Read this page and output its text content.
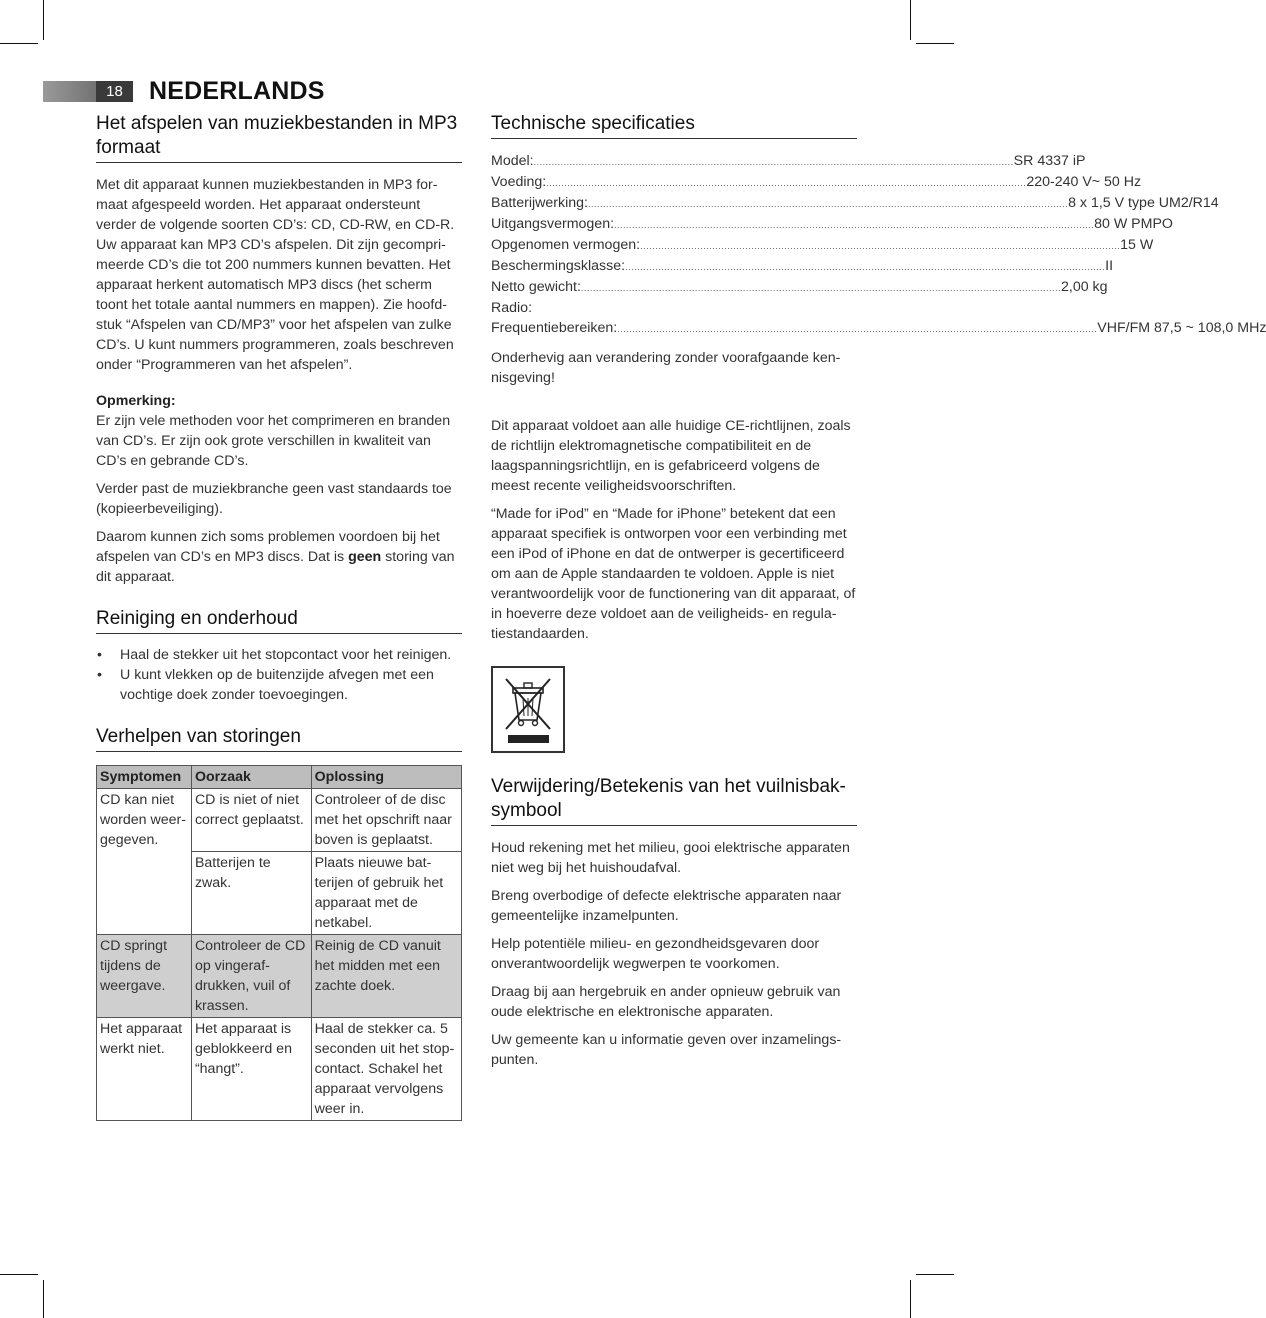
18	NEDERLANDS
Het afspelen van muziekbestanden in MP3 formaat

Met dit apparaat kunnen muziekbestanden in MP3 for-maat afgespeeld worden. Het apparaat ondersteunt verder de volgende soorten CD’s: CD, CD-RW, en CD-R.

Uw apparaat kan MP3 CD’s afspelen. Dit zijn gecompri-meerde CD’s die tot 200 nummers kunnen bevatten. Het apparaat herkent automatisch MP3 discs (het scherm toont het totale aantal nummers en mappen). Zie hoofd-stuk “Afspelen van CD/MP3” voor het afspelen van zulke CD’s. U kunt nummers programmeren, zoals beschreven onder “Programmeren van het afspelen”.

Opmerking:

Er zijn vele methoden voor het comprimeren en branden van CD’s. Er zijn ook grote verschillen in kwaliteit van CD’s en gebrande CD’s.

Verder past de muziekbranche geen vast standaards toe (kopieerbeveiliging).

Daarom kunnen zich soms problemen voordoen bij het afspelen van CD’s en MP3 discs. Dat is geen storing van dit apparaat.

Reiniging en onderhoud
• Haal de stekker uit het stopcontact voor het reinigen.
• U kunt vlekken op de buitenzijde afvegen met een vochtige doek zonder toevoegingen.
Verhelpen van storingen
Symptomen	Oorzaak	Oplossing
CD kan niet worden weer-gegeven.	CD is niet of niet correct geplaatst.	Controleer of de disc met het opschrift naar boven is geplaatst.
	Batterijen te zwak.	Plaats nieuwe bat-terijen of gebruik het apparaat met de netkabel.
CD springt tijdens de weergave.	Controleer de CD op vingeraf-drukken, vuil of krassen.	Reinig de CD vanuit het midden met een zachte doek.
Het apparaat werkt niet.	Het apparaat is geblokkeerd en “hangt”.	Haal de stekker ca. 5 seconden uit het stop-contact. Schakel het apparaat vervolgens weer in.
Technische specificaties
Model: ................................................................................................................................................................ SR 4337 iP
Voeding: ................................................................................................................................................................ 220-240 V~ 50 Hz
Batterijwerking: ................................................................................................................................................................ 8 x 1,5 V type UM2/R14
Uitgangsvermogen: ................................................................................................................................................................ 80 W PMPO
Opgenomen vermogen: ................................................................................................................................................................ 15 W
Beschermingsklasse: ................................................................................................................................................................ II
Netto gewicht: ................................................................................................................................................................ 2,00 kg
Radio:
Frequentiebereiken: ................................................................................................................................................................ VHF/FM 87,5 ~ 108,0 MHz

Onderhevig aan verandering zonder voorafgaande ken-nisgeving!

Dit apparaat voldoet aan alle huidige CE-richtlijnen, zoals de richtlijn elektromagnetische compatibiliteit en de laagspanningsrichtlijn, en is gefabriceerd volgens de meest recente veiligheidsvoorschriften.

“Made for iPod” en “Made for iPhone” betekent dat een apparaat specifiek is ontworpen voor een verbinding met een iPod of iPhone en dat de ontwerper is gecertificeerd om aan de Apple standaarden te voldoen. Apple is niet verantwoordelijk voor de functionering van dit apparaat, of in hoeverre deze voldoet aan de veiligheids- en regula-tiestandaarden.

Verwijdering/Betekenis van het vuilnisbak-symbool

Houd rekening met het milieu, gooi elektrische apparaten niet weg bij het huishoudafval.

Breng overbodige of defecte elektrische apparaten naar gemeentelijke inzamelpunten.

Help potentiële milieu- en gezondheidsgevaren door onverantwoordelijk wegwerpen te voorkomen.

Draag bij aan hergebruik en ander opnieuw gebruik van oude elektrische en elektronische apparaten.

Uw gemeente kan u informatie geven over inzamelings-punten.
